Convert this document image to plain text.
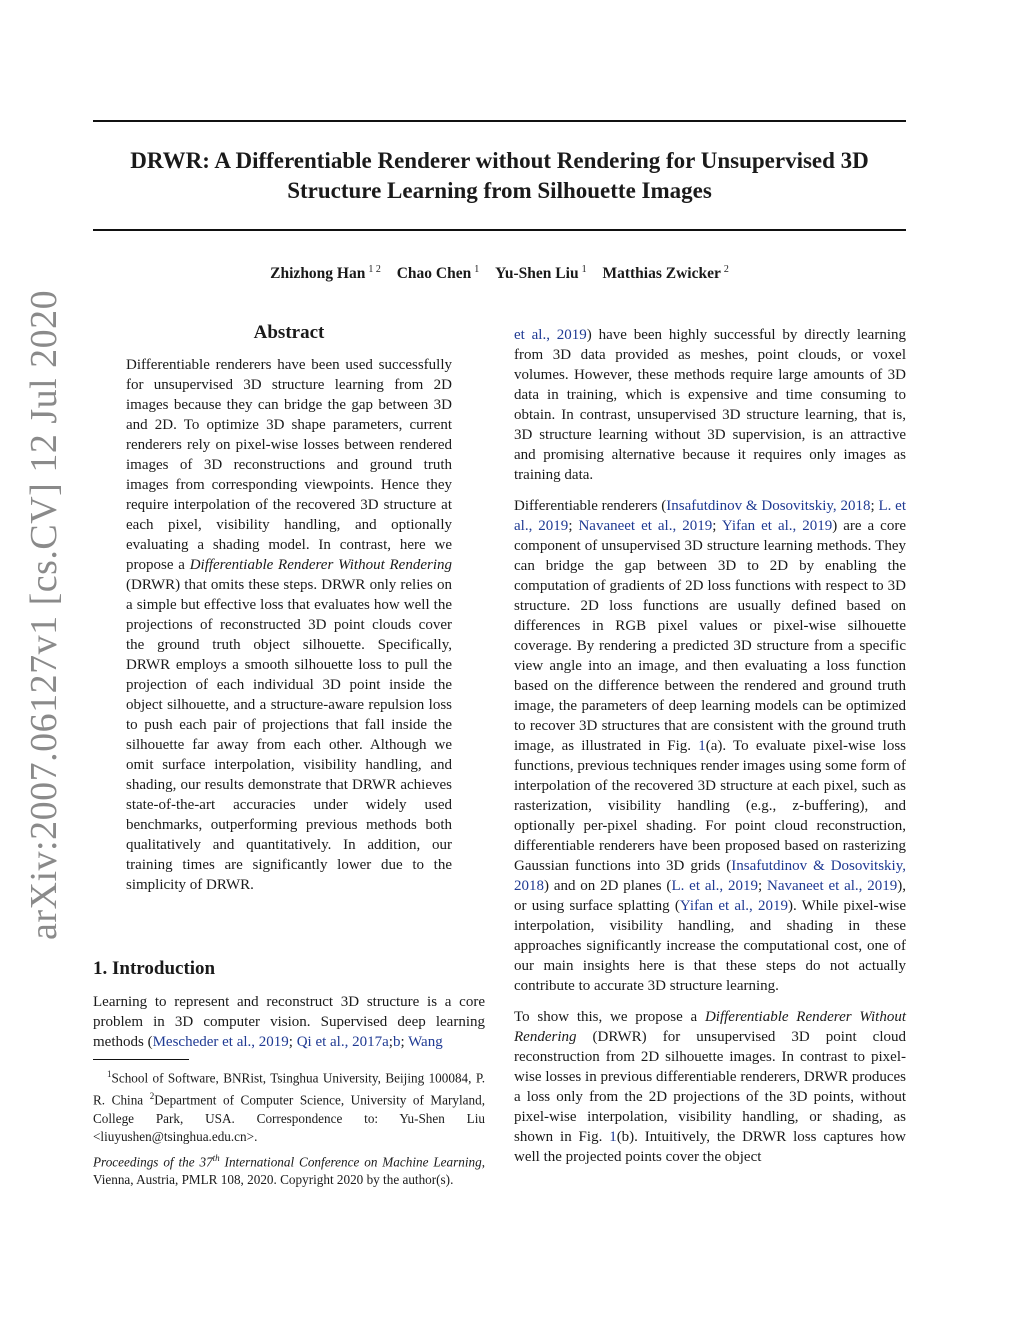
DRWR: A Differentiable Renderer without Rendering for Unsupervised 3D
Structure Learning from Silhouette Images
Zhizhong Han $^{1 2}$ Chao Chen $^1$ Yu-Shen Liu $^1$ Matthias Zwicker $^2$
arXiv:2007.06127v1 [cs.CV] 12 Jul 2020	Abstract
Differentiable renderers have been used successfully for unsupervised 3D structure learning from 2D images because they can bridge the gap between 3D and 2D. To optimize 3D shape parameters, current renderers rely on pixel-wise losses between rendered images of 3D reconstructions and ground truth images from corresponding viewpoints. Hence they require interpolation of the recovered 3D structure at each pixel, visibility handling, and optionally evaluating a shading model. In contrast, here we propose a Differentiable Renderer Without Rendering (DRWR) that omits these steps. DRWR only relies on a simple but effective loss that evaluates how well the projections of reconstructed 3D point clouds cover the ground truth object silhouette. Specifically, DRWR employs a smooth silhouette loss to pull the projection of each individual 3D point inside the object silhouette, and a structure-aware repulsion loss to push each pair of projections that fall inside the silhouette far away from each other. Although we omit surface interpolation, visibility handling, and shading, our results demonstrate that DRWR achieves state-of-the-art accuracies under widely used benchmarks, outperforming previous methods both qualitatively and quantitatively. In addition, our training times are significantly lower due to the simplicity of DRWR.
1. Introduction
Learning to represent and reconstruct 3D structure is a core problem in 3D computer vision. Supervised deep learning methods (Mescheder et al., 2019; Qi et al., 2017a;b; Wang
$^1$School of Software, BNRist, Tsinghua University, Beijing 100084, P. R. China $^2$Department of Computer Science, University of Maryland, College Park, USA. Correspondence to: Yu-Shen Liu <liuyushen@tsinghua.edu.cn>.
Proceedings of the 37th International Conference on Machine Learning, Vienna, Austria, PMLR 108, 2020. Copyright 2020 by the author(s).

et al., 2019) have been highly successful by directly learning from 3D data provided as meshes, point clouds, or voxel volumes. However, these methods require large amounts of 3D data in training, which is expensive and time consuming to obtain. In contrast, unsupervised 3D structure learning, that is, 3D structure learning without 3D supervision, is an attractive and promising alternative because it requires only images as training data.

Differentiable renderers (Insafutdinov & Dosovitskiy, 2018; L. et al., 2019; Navaneet et al., 2019; Yifan et al., 2019) are a core component of unsupervised 3D structure learning methods. They can bridge the gap between 3D to 2D by enabling the computation of gradients of 2D loss functions with respect to 3D structure. 2D loss functions are usually defined based on differences in RGB pixel values or pixel-wise silhouette coverage. By rendering a predicted 3D structure from a specific view angle into an image, and then evaluating a loss function based on the difference between the rendered and ground truth image, the parameters of deep learning models can be optimized to recover 3D structures that are consistent with the ground truth image, as illustrated in Fig. 1(a). To evaluate pixel-wise loss functions, previous techniques render images using some form of interpolation of the recovered 3D structure at each pixel, such as rasterization, visibility handling (e.g., z-buffering), and optionally per-pixel shading. For point cloud reconstruction, differentiable renderers have been proposed based on rasterizing Gaussian functions into 3D grids (Insafutdinov & Dosovitskiy, 2018) and on 2D planes (L. et al., 2019; Navaneet et al., 2019), or using surface splatting (Yifan et al., 2019). While pixel-wise interpolation, visibility handling, and shading in these approaches significantly increase the computational cost, one of our main insights here is that these steps do not actually contribute to accurate 3D structure learning.

To show this, we propose a Differentiable Renderer Without Rendering (DRWR) for unsupervised 3D point cloud reconstruction from 2D silhouette images. In contrast to pixel-wise losses in previous differentiable renderers, DRWR produces a loss only from the 2D projections of the 3D points, without pixel-wise interpolation, visibility handling, or shading, as shown in Fig. 1(b). Intuitively, the DRWR loss captures how well the projected points cover the object
